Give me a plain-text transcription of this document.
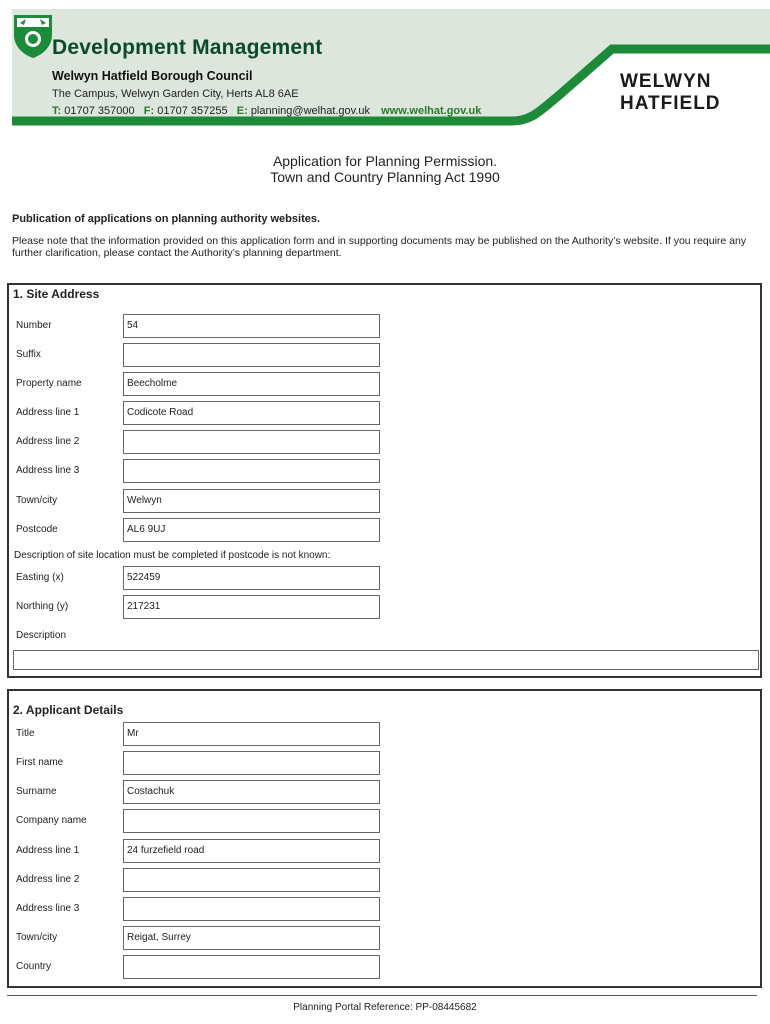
Development Management
Welwyn Hatfield Borough Council
The Campus, Welwyn Garden City, Herts AL8 6AE
T: 01707 357000 F: 01707 357255 E: planning@welhat.gov.uk www.welhat.gov.uk
WELWYN
HATFIELD
Application for Planning Permission.
Town and Country Planning Act 1990
Publication of applications on planning authority websites.
Please note that the information provided on this application form and in supporting documents may be published on the Authority’s website. If you require any further clarification, please contact the Authority’s planning department.
1. Site Address
Number	54
Suffix
Property name	Beecholme
Address line 1	Codicote Road
Address line 2
Address line 3
Town/city	Welwyn
Postcode	AL6 9UJ
Description of site location must be completed if postcode is not known:
Easting (x)	522459
Northing (y)	217231
Description
2. Applicant Details
Title	Mr
First name
Surname	Costachuk
Company name
Address line 1	24 furzefield road
Address line 2
Address line 3
Town/city	Reigat, Surrey
Country
Planning Portal Reference: PP-08445682
